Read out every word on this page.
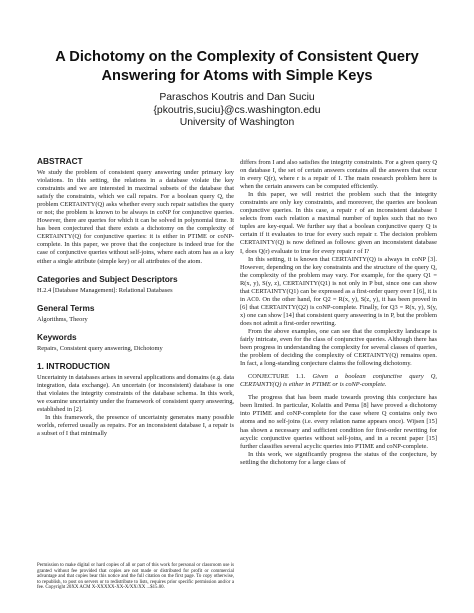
A Dichotomy on the Complexity of Consistent Query
Answering for Atoms with Simple Keys
Paraschos Koutris and Dan Suciu
{pkoutris,suciu}@cs.washington.edu
University of Washington
ABSTRACT

We study the problem of consistent query answering under primary key violations. In this setting, the relations in a database violate the key constraints and we are interested in maximal subsets of the database that satisfy the constraints, which we call repairs. For a boolean query Q, the problem CERTAINTY(Q) asks whether every such repair satisfies the query or not; the problem is known to be always in coNP for conjunctive queries. However, there are queries for which it can be solved in polynomial time. It has been conjectured that there exists a dichotomy on the complexity of CERTAINTY(Q) for conjunctive queries: it is either in PTIME or coNP-complete. In this paper, we prove that the conjecture is indeed true for the case of conjunctive queries without self-joins, where each atom has as a key either a single attribute (simple key) or all attributes of the atom.

Categories and Subject Descriptors

H.2.4 [Database Management]: Relational Databases

General Terms

Algorithms, Theory

Keywords

Repairs, Consistent query answering, Dichotomy

1. INTRODUCTION

Uncertainty in databases arises in several applications and domains (e.g. data integration, data exchange). An uncertain (or inconsistent) database is one that violates the integrity constraints of the database schema. In this work, we examine uncertainty under the framework of consistent query answering, established in [2].

In this framework, the presence of uncertainty generates many possible worlds, referred usually as repairs. For an inconsistent database I, a repair is a subset of I that minimally

Permission to make digital or hard copies of all or part of this work for personal or classroom use is granted without fee provided that copies are not made or distributed for profit or commercial advantage and that copies bear this notice and the full citation on the first page. To copy otherwise, to republish, to post on servers or to redistribute to lists, requires prior specific permission and/or a fee. Copyright 20XX ACM X-XXXXX-XX-X/XX/XX ...$15.00.

differs from I and also satisfies the integrity constraints. For a given query Q on database I, the set of certain answers contains all the answers that occur in every Q(r), where r is a repair of I. The main research problem here is when the certain answers can be computed efficiently.

In this paper, we will restrict the problem such that the integrity constraints are only key constraints, and moreover, the queries are boolean conjunctive queries. In this case, a repair r of an inconsistent database I selects from each relation a maximal number of tuples such that no two tuples are key-equal. We further say that a boolean conjunctive query Q is certain if it evaluates to true for every such repair r. The decision problem CERTAINTY(Q) is now defined as follows: given an inconsistent database I, does Q(r) evaluate to true for every repair r of I?

In this setting, it is known that CERTAINTY(Q) is always in coNP [3]. However, depending on the key constraints and the structure of the query Q, the complexity of the problem may vary. For example, for the query Q1 = R(x, y), S(y, z), CERTAINTY(Q1) is not only in P but, since one can show that CERTAINTY(Q1) can be expressed as a first-order query over I [6], it is in AC0. On the other hand, for Q2 = R(x, y), S(z, y), it has been proved in [6] that CERTAINTY(Q2) is coNP-complete. Finally, for Q3 = R(x, y), S(y, x) one can show [14] that consistent query answering is in P, but the problem does not admit a first-order rewriting.

From the above examples, one can see that the complexity landscape is fairly intricate, even for the class of conjunctive queries. Although there has been progress in understanding the complexity for several classes of queries, the problem of deciding the complexity of CERTAINTY(Q) remains open. In fact, a long-standing conjecture claims the following dichotomy.

CONJECTURE 1.1. Given a boolean conjunctive query Q, CERTAINTY(Q) is either in PTIME or is coNP-complete.

The progress that has been made towards proving this conjecture has been limited. In particular, Kolaitis and Pema [8] have proved a dichotomy into PTIME and coNP-complete for the case where Q contains only two atoms and no self-joins (i.e. every relation name appears once). Wijsen [15] has shown a necessary and sufficient condition for first-order rewriting for acyclic conjunctive queries without self-joins, and in a recent paper [15] further classifies several acyclic queries into PTIME and coNP-complete.

In this work, we significantly progress the status of the conjecture, by settling the dichotomy for a large class of
